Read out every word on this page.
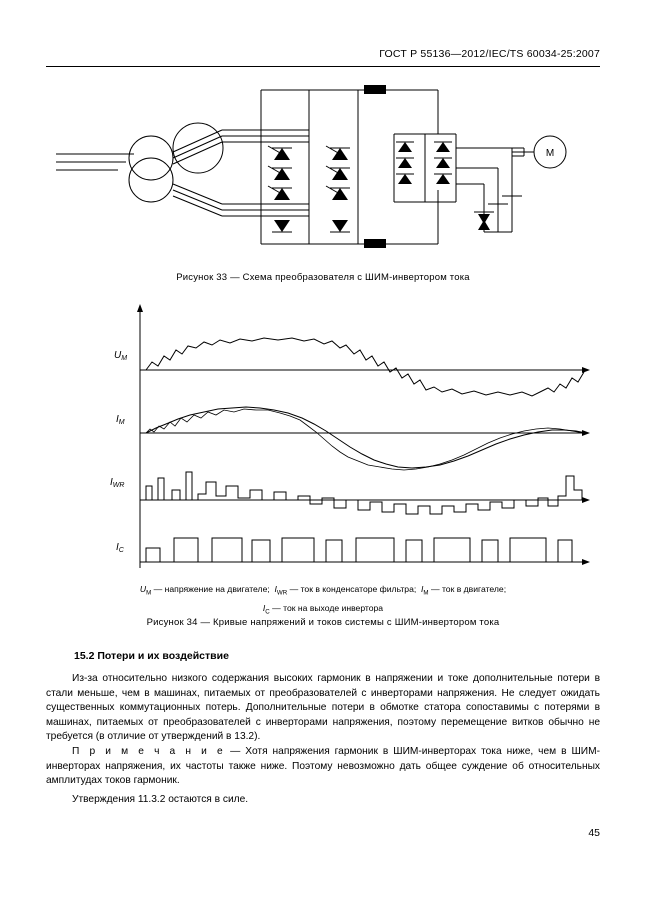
ГОСТ Р 55136—2012/IEC/TS 60034-25:2007
М
Рисунок 33 — Схема преобразователя с ШИМ-инвертором тока
$U_M$
$I_M$
$I_{WR}$
$I_C$
$U_M$ — напряжение на двигателе;  $I_{WR}$ — ток в конденсаторе фильтра;  $I_M$ — ток в двигателе;
$I_C$ — ток на выходе инвертора
Рисунок 34 — Кривые напряжений и токов системы с ШИМ-инвертором тока
15.2 Потери и их воздействие
Из-за относительно низкого содержания высоких гармоник в напряжении и токе дополнительные потери в стали меньше, чем в машинах, питаемых от преобразователей с инверторами напряжения. Не следует ожидать существенных коммутационных потерь. Дополнительные потери в обмотке статора сопоставимы с потерями в машинах, питаемых от преобразователей с инверторами напряжения, поэтому перемещение витков обычно не требуется (в отличие от утверждений в 13.2).
П р и м е ч а н и е — Хотя напряжения гармоник в ШИМ-инверторах тока ниже, чем в ШИМ-инверторах напряжения, их частоты также ниже. Поэтому невозможно дать общее суждение об относительных амплитудах токов гармоник.
Утверждения 11.3.2 остаются в силе.
45
